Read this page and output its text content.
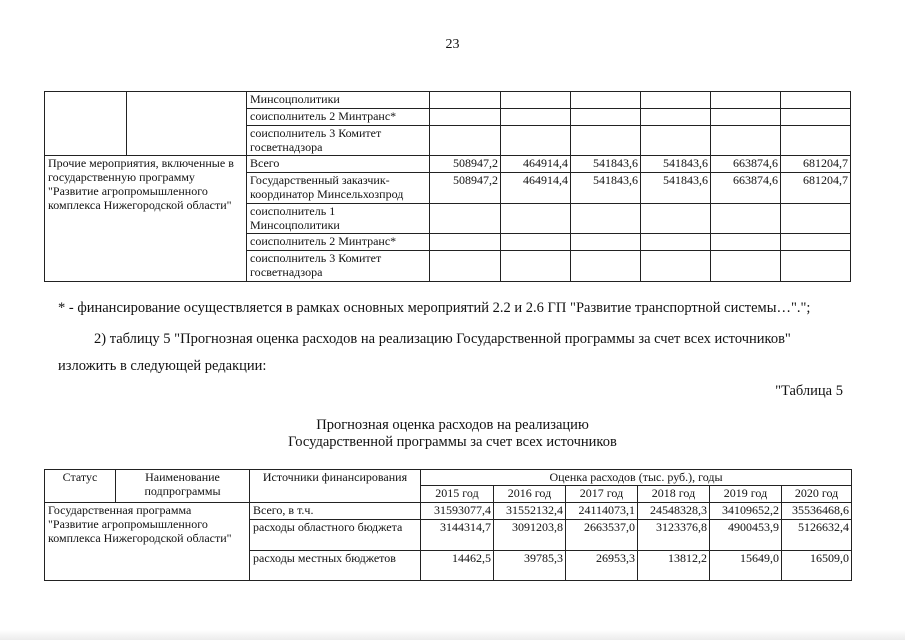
23
		Минсоцполитики						
		соисполнитель 2 Минтранс*						
		соисполнитель 3 Комитет госветнадзора						
Прочие мероприятия, включенные в государственную программу "Развитие агропромышленного комплекса Нижегородской области"		Всего	508947,2	464914,4	541843,6	541843,6	663874,6	681204,7
		Государственный заказчик-координатор Минсельхозпрод	508947,2	464914,4	541843,6	541843,6	663874,6	681204,7
		соисполнитель 1 Минсоцполитики						
		соисполнитель 2 Минтранс*						
		соисполнитель 3 Комитет госветнадзора						
* - финансирование осуществляется в рамках основных мероприятий 2.2 и 2.6 ГП "Развитие транспортной системы…".";
2) таблицу 5 "Прогнозная оценка расходов на реализацию Государственной программы за счет всех источников"
изложить в следующей редакции:
"Таблица 5
Прогнозная оценка расходов на реализацию
Государственной программы за счет всех источников
Статус	Наименование подпрограммы	Источники финансирования	Оценка расходов (тыс. руб.), годы					
			2015 год	2016 год	2017 год	2018 год	2019 год	2020 год

Государственная программа "Развитие агропромышленного комплекса Нижегородской области"		Всего, в т.ч.	31593077,4	31552132,4	24114073,1	24548328,3	34109652,2	35536468,6
		расходы областного бюджета	3144314,7	3091203,8	2663537,0	3123376,8	4900453,9	5126632,4
		расходы местных бюджетов	14462,5	39785,3	26953,3	13812,2	15649,0	16509,0
